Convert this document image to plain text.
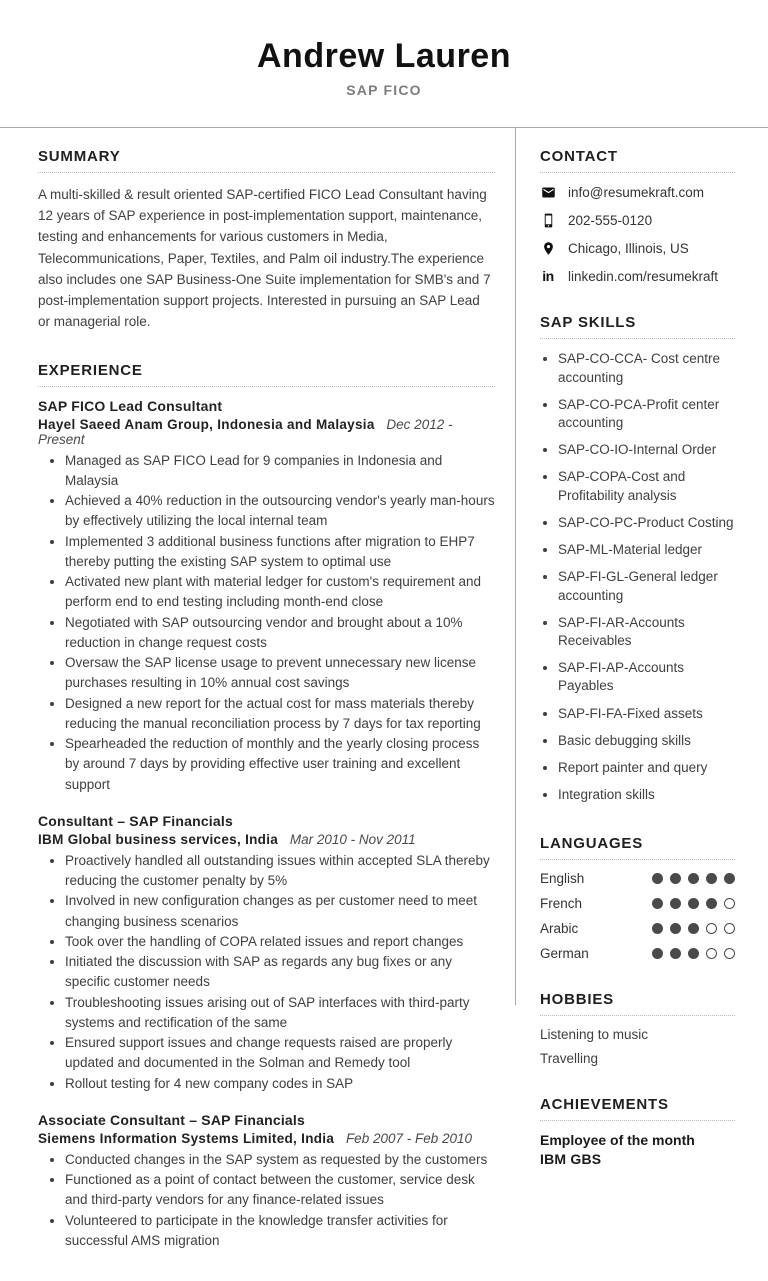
Andrew Lauren
SAP FICO
SUMMARY

A multi-skilled & result oriented SAP-certified FICO Lead Consultant having 12 years of SAP experience in post-implementation support, maintenance, testing and enhancements for various customers in Media, Telecommunications, Paper, Textiles, and Palm oil industry.The experience also includes one SAP Business-One Suite implementation for SMB's and 7 post-implementation support projects. Interested in pursuing an SAP Lead or managerial role.

EXPERIENCE
SAP FICO Lead Consultant
Hayel Saeed Anam Group, Indonesia and Malaysia Dec 2012 - Present
• Managed as SAP FICO Lead for 9 companies in Indonesia and Malaysia
• Achieved a 40% reduction in the outsourcing vendor's yearly man-hours by effectively utilizing the local internal team
• Implemented 3 additional business functions after migration to EHP7 thereby putting the existing SAP system to optimal use
• Activated new plant with material ledger for custom's requirement and perform end to end testing including month-end close
• Negotiated with SAP outsourcing vendor and brought about a 10% reduction in change request costs
• Oversaw the SAP license usage to prevent unnecessary new license purchases resulting in 10% annual cost savings
• Designed a new report for the actual cost for mass materials thereby reducing the manual reconciliation process by 7 days for tax reporting
• Spearheaded the reduction of monthly and the yearly closing process by around 7 days by providing effective user training and excellent support
Consultant – SAP Financials
IBM Global business services, India Mar 2010 - Nov 2011
• Proactively handled all outstanding issues within accepted SLA thereby reducing the customer penalty by 5%
• Involved in new configuration changes as per customer need to meet changing business scenarios
• Took over the handling of COPA related issues and report changes
• Initiated the discussion with SAP as regards any bug fixes or any specific customer needs
• Troubleshooting issues arising out of SAP interfaces with third-party systems and rectification of the same
• Ensured support issues and change requests raised are properly updated and documented in the Solman and Remedy tool
• Rollout testing for 4 new company codes in SAP
Associate Consultant – SAP Financials
Siemens Information Systems Limited, India Feb 2007 - Feb 2010
• Conducted changes in the SAP system as requested by the customers
• Functioned as a point of contact between the customer, service desk and third-party vendors for any finance-related issues
• Volunteered to participate in the knowledge transfer activities for successful AMS migration
CONTACT
info@resumekraft.com
202-555-0120
Chicago, Illinois, US
in
linkedin.com/resumekraft
SAP SKILLS
• SAP-CO-CCA- Cost centre accounting
• SAP-CO-PCA-Profit center accounting
• SAP-CO-IO-Internal Order
• SAP-COPA-Cost and Profitability analysis
• SAP-CO-PC-Product Costing
• SAP-ML-Material ledger
• SAP-FI-GL-General ledger accounting
• SAP-FI-AR-Accounts Receivables
• SAP-FI-AP-Accounts Payables
• SAP-FI-FA-Fixed assets
• Basic debugging skills
• Report painter and query
• Integration skills
LANGUAGES
English
French
Arabic
German
HOBBIES
Listening to music
Travelling
ACHIEVEMENTS
Employee of the month
IBM GBS
